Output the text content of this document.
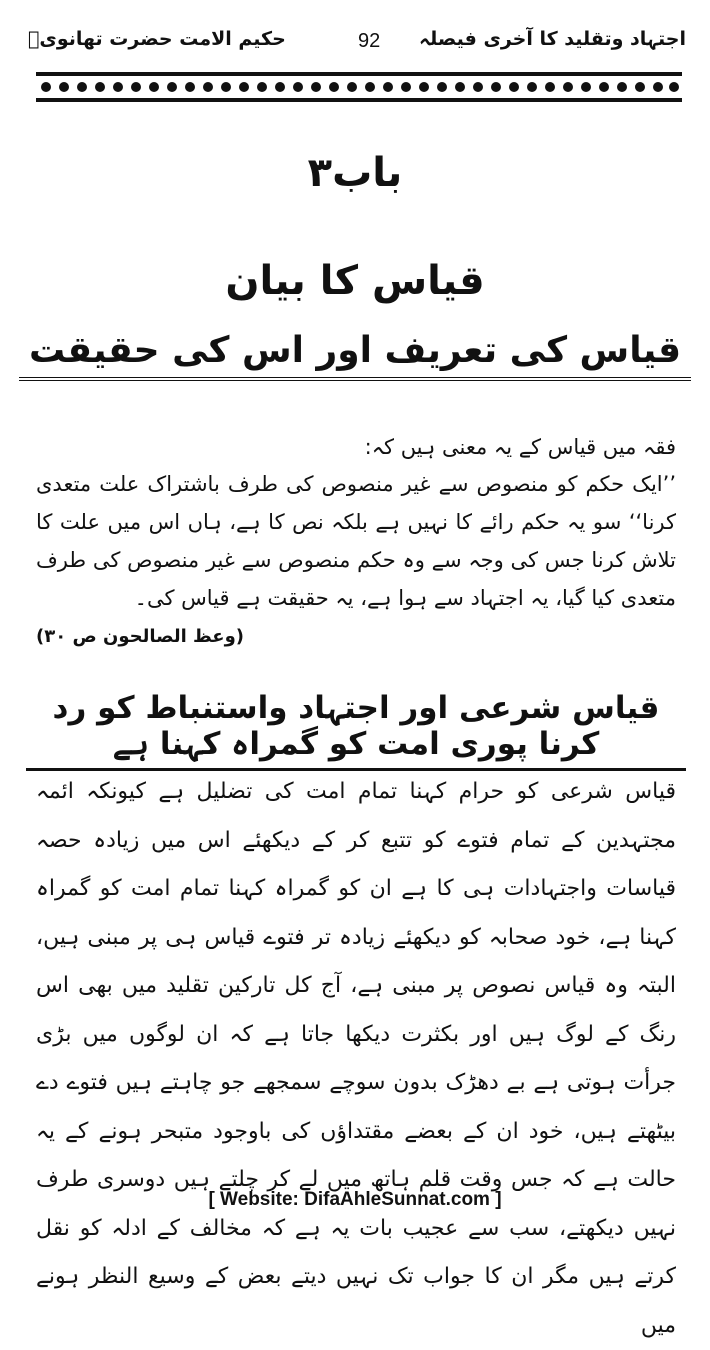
اجتہاد وتقلید کا آخری فیصلہ
92
حکیم الامت حضرت تھانویؒ
باب۳
قیاس کا بیان
قیاس کی تعریف اور اس کی حقیقت
فقہ میں قیاس کے یہ معنی ہیں کہ:
’’ایک حکم کو منصوص سے غیر منصوص کی طرف باشتراک علت متعدی کرنا‘‘ سو یہ حکم رائے کا نہیں ہے بلکہ نص کا ہے، ہاں اس میں علت کا تلاش کرنا جس کی وجہ سے وہ حکم منصوص سے غیر منصوص کی طرف متعدی کیا گیا، یہ اجتہاد سے ہوا ہے، یہ حقیقت ہے قیاس کی۔
(وعظ الصالحون ص ۳۰)
قیاس شرعی اور اجتہاد واستنباط کو رد کرنا پوری امت کو گمراہ کہنا ہے
قیاس شرعی کو حرام کہنا تمام امت کی تضلیل ہے کیونکہ ائمہ مجتہدین کے تمام فتوے کو تتبع کر کے دیکھئے اس میں زیادہ حصہ قیاسات واجتہادات ہی کا ہے ان کو گمراہ کہنا تمام امت کو گمراہ کہنا ہے، خود صحابہ کو دیکھئے زیادہ تر فتوے قیاس ہی پر مبنی ہیں، البتہ وہ قیاس نصوص پر مبنی ہے، آج کل تارکین تقلید میں بھی اس رنگ کے لوگ ہیں اور بکثرت دیکھا جاتا ہے کہ ان لوگوں میں بڑی جرأت ہوتی ہے بے دھڑک بدون سوچے سمجھے جو چاہتے ہیں فتوے دے بیٹھتے ہیں، خود ان کے بعضے مقتداؤں کی باوجود متبحر ہونے کے یہ حالت ہے کہ جس وقت قلم ہاتھ میں لے کر چلتے ہیں دوسری طرف نہیں دیکھتے، سب سے عجیب بات یہ ہے کہ مخالف کے ادلہ کو نقل کرتے ہیں مگر ان کا جواب تک نہیں دیتے بعض کے وسیع النظر ہونے میں
[ Website: DifaAhleSunnat.com ]
